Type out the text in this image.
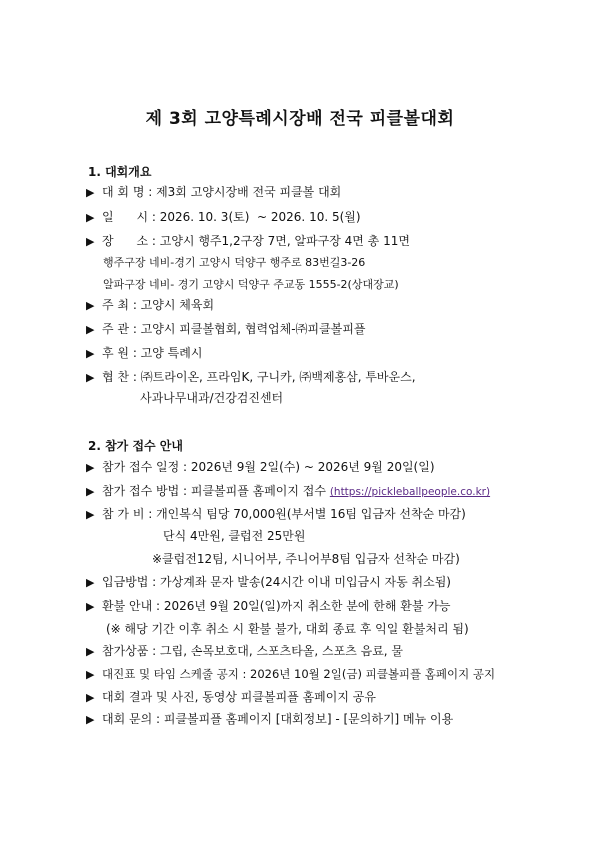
제 3회 고양특례시장배 전국 피클볼대회
1. 대회개요
▶ 대 회 명 : 제3회 고양시장배 전국 피클볼 대회
▶ 일      시 : 2026. 10. 3(토)  ~ 2026. 10. 5(월)
▶ 장      소 : 고양시 행주1,2구장 7면, 알파구장 4면 총 11면
행주구장 네비-경기 고양시 덕양구 행주로 83번길3-26
알파구장 네비- 경기 고양시 덕양구 주교동 1555-2(상대장교)
▶ 주 최 : 고양시 체육회
▶ 주 관 : 고양시 피클볼협회, 협력업체-㈜피클볼피플
▶ 후 원 : 고양 특례시
▶ 협 찬 : ㈜트라이온, 프라임K, 구니카, ㈜백제홍삼, 투바운스,
사과나무내과/건강검진센터
2. 참가 접수 안내
▶ 참가 접수 일정 : 2026년 9월 2일(수) ~ 2026년 9월 20일(일)
▶ 참가 접수 방법 : 피클볼피플 홈페이지 접수 (https://pickleballpeople.co.kr)
▶ 참 가 비 : 개인복식 팀당 70,000원(부서별 16팀 입금자 선착순 마감)
단식 4만원, 클럽전 25만원
※클럽전12팀, 시니어부, 주니어부8팀 입금자 선착순 마감)
▶ 입금방법 : 가상계좌 문자 발송(24시간 이내 미입금시 자동 취소됨)
▶ 환불 안내 : 2026년 9월 20일(일)까지 취소한 분에 한해 환불 가능
(※ 해당 기간 이후 취소 시 환불 불가, 대회 종료 후 익일 환불처리 됨)
▶ 참가상품 : 그립, 손목보호대, 스포츠타올, 스포츠 음료, 물
▶ 대진표 및 타임 스케줄 공지 : 2026년 10월 2일(금) 피클볼피플 홈페이지 공지
▶ 대회 결과 및 사진, 동영상 피클볼피플 홈페이지 공유
▶ 대회 문의 : 피클볼피플 홈페이지 [대회정보] - [문의하기] 메뉴 이용
